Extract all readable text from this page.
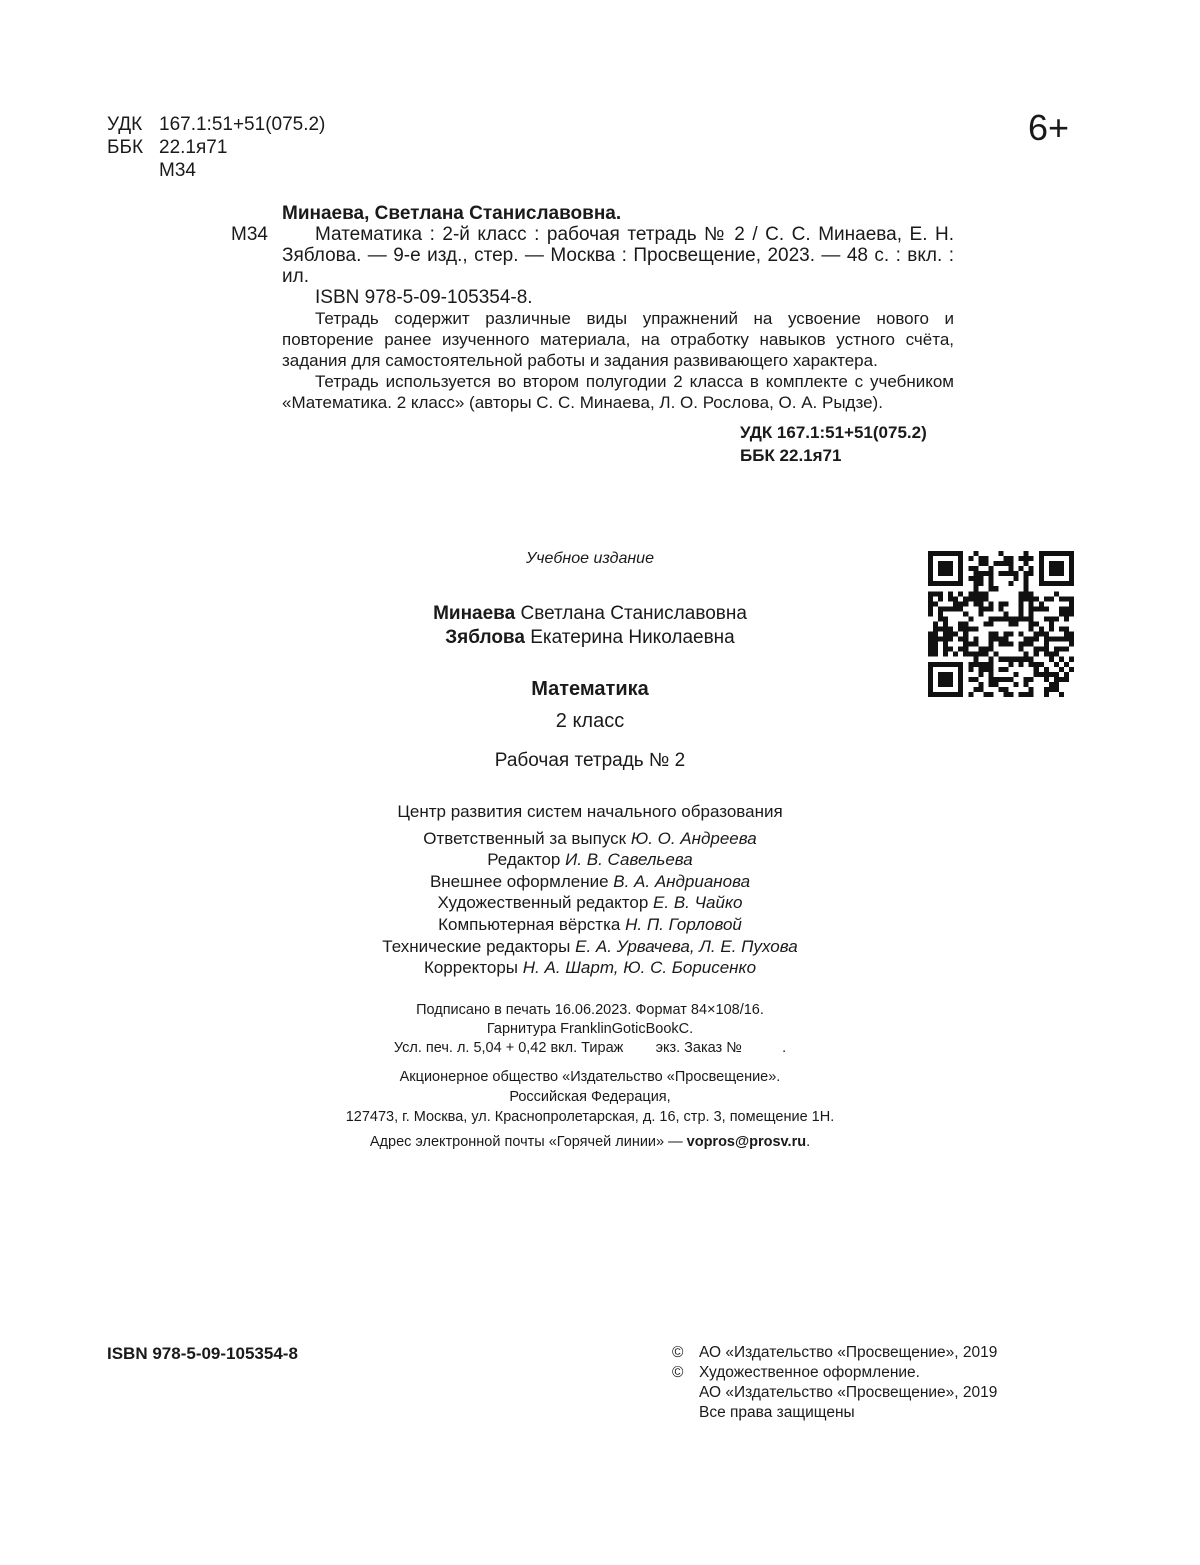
УДК 167.1:51+51(075.2)
ББК 22.1я71
М34
6+
М34

Минаева, Светлана Станиславовна.

Математика : 2-й класс : рабочая тетрадь № 2 / С. С. Минаева, Е. Н. Зяблова. — 9-е изд., стер. — Москва : Просвещение, 2023. — 48 с. : вкл. : ил.

ISBN 978-5-09-105354-8.

Тетрадь содержит различные виды упражнений на усвоение нового и повторение ранее изученного материала, на отработку навыков устного счёта, задания для самостоятельной работы и задания развивающего характера.

Тетрадь используется во втором полугодии 2 класса в комплекте с учебником «Математика. 2 класс» (авторы С. С. Минаева, Л. О. Рослова, О. А. Рыдзе).

УДК 167.1:51+51(075.2)
ББК 22.1я71
Учебное издание
Минаева Светлана Станиславовна
Зяблова Екатерина Николаевна
Математика
2 класс
Рабочая тетрадь № 2
Центр развития систем начального образования
Ответственный за выпуск Ю. О. Андреева
Редактор И. В. Савельева
Внешнее оформление В. А. Андрианова
Художественный редактор Е. В. Чайко
Компьютерная вёрстка Н. П. Горловой
Технические редакторы Е. А. Урвачева, Л. Е. Пухова
Корректоры Н. А. Шарт, Ю. С. Борисенко
Подписано в печать 16.06.2023. Формат 84×108/16.
Гарнитура FranklinGoticBookC.
Усл. печ. л. 5,04 + 0,42 вкл. Тираж        экз. Заказ №          .
Акционерное общество «Издательство «Просвещение».
Российская Федерация,
127473, г. Москва, ул. Краснопролетарская, д. 16, стр. 3, помещение 1Н.
Адрес электронной почты «Горячей линии» — vopros@prosv.ru.
ISBN 978-5-09-105354-8	©	АО «Издательство «Просвещение», 2019
©	Художественное оформление.
АО «Издательство «Просвещение», 2019
Все права защищены
